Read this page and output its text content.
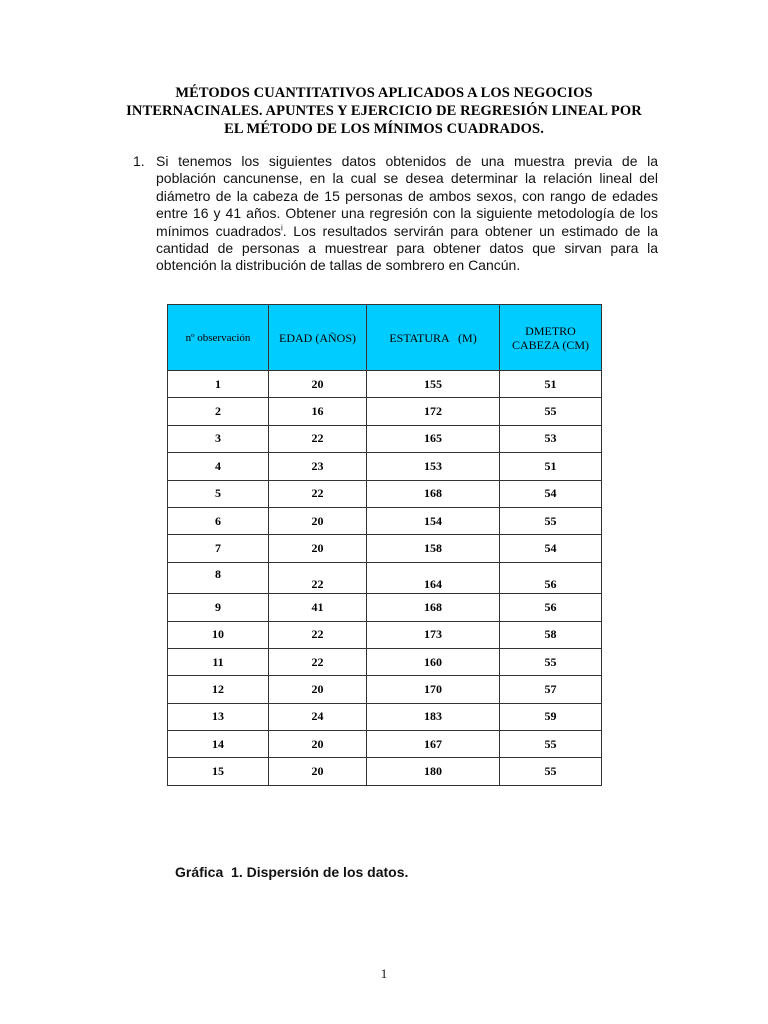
MÉTODOS CUANTITATIVOS APLICADOS A LOS NEGOCIOS
INTERNACINALES. APUNTES Y EJERCICIO DE REGRESIÓN LINEAL POR
EL MÉTODO DE LOS MÍNIMOS CUADRADOS.
1. Si tenemos los siguientes datos obtenidos de una muestra previa de la población cancunense, en la cual se desea determinar la relación lineal del diámetro de la cabeza de 15 personas de ambos sexos, con rango de edades entre 16 y 41 años. Obtener una regresión con la siguiente metodología de los mínimos cuadrados$^i$. Los resultados servirán para obtener un estimado de la cantidad de personas a muestrear para obtener datos que sirvan para la obtención la distribución de tallas de sombrero en Cancún.
nº observación	EDAD (AÑOS)	ESTATURA   (M)	DMETRO CABEZA (CM)
1	20	155	51
2	16	172	55
3	22	165	53
4	23	153	51
5	22	168	54
6	20	154	55
7	20	158	54
8	22	164	56
9	41	168	56
10	22	173	58
11	22	160	55
12	20	170	57
13	24	183	59
14	20	167	55
15	20	180	55
Gráfica  1. Dispersión de los datos.
1
